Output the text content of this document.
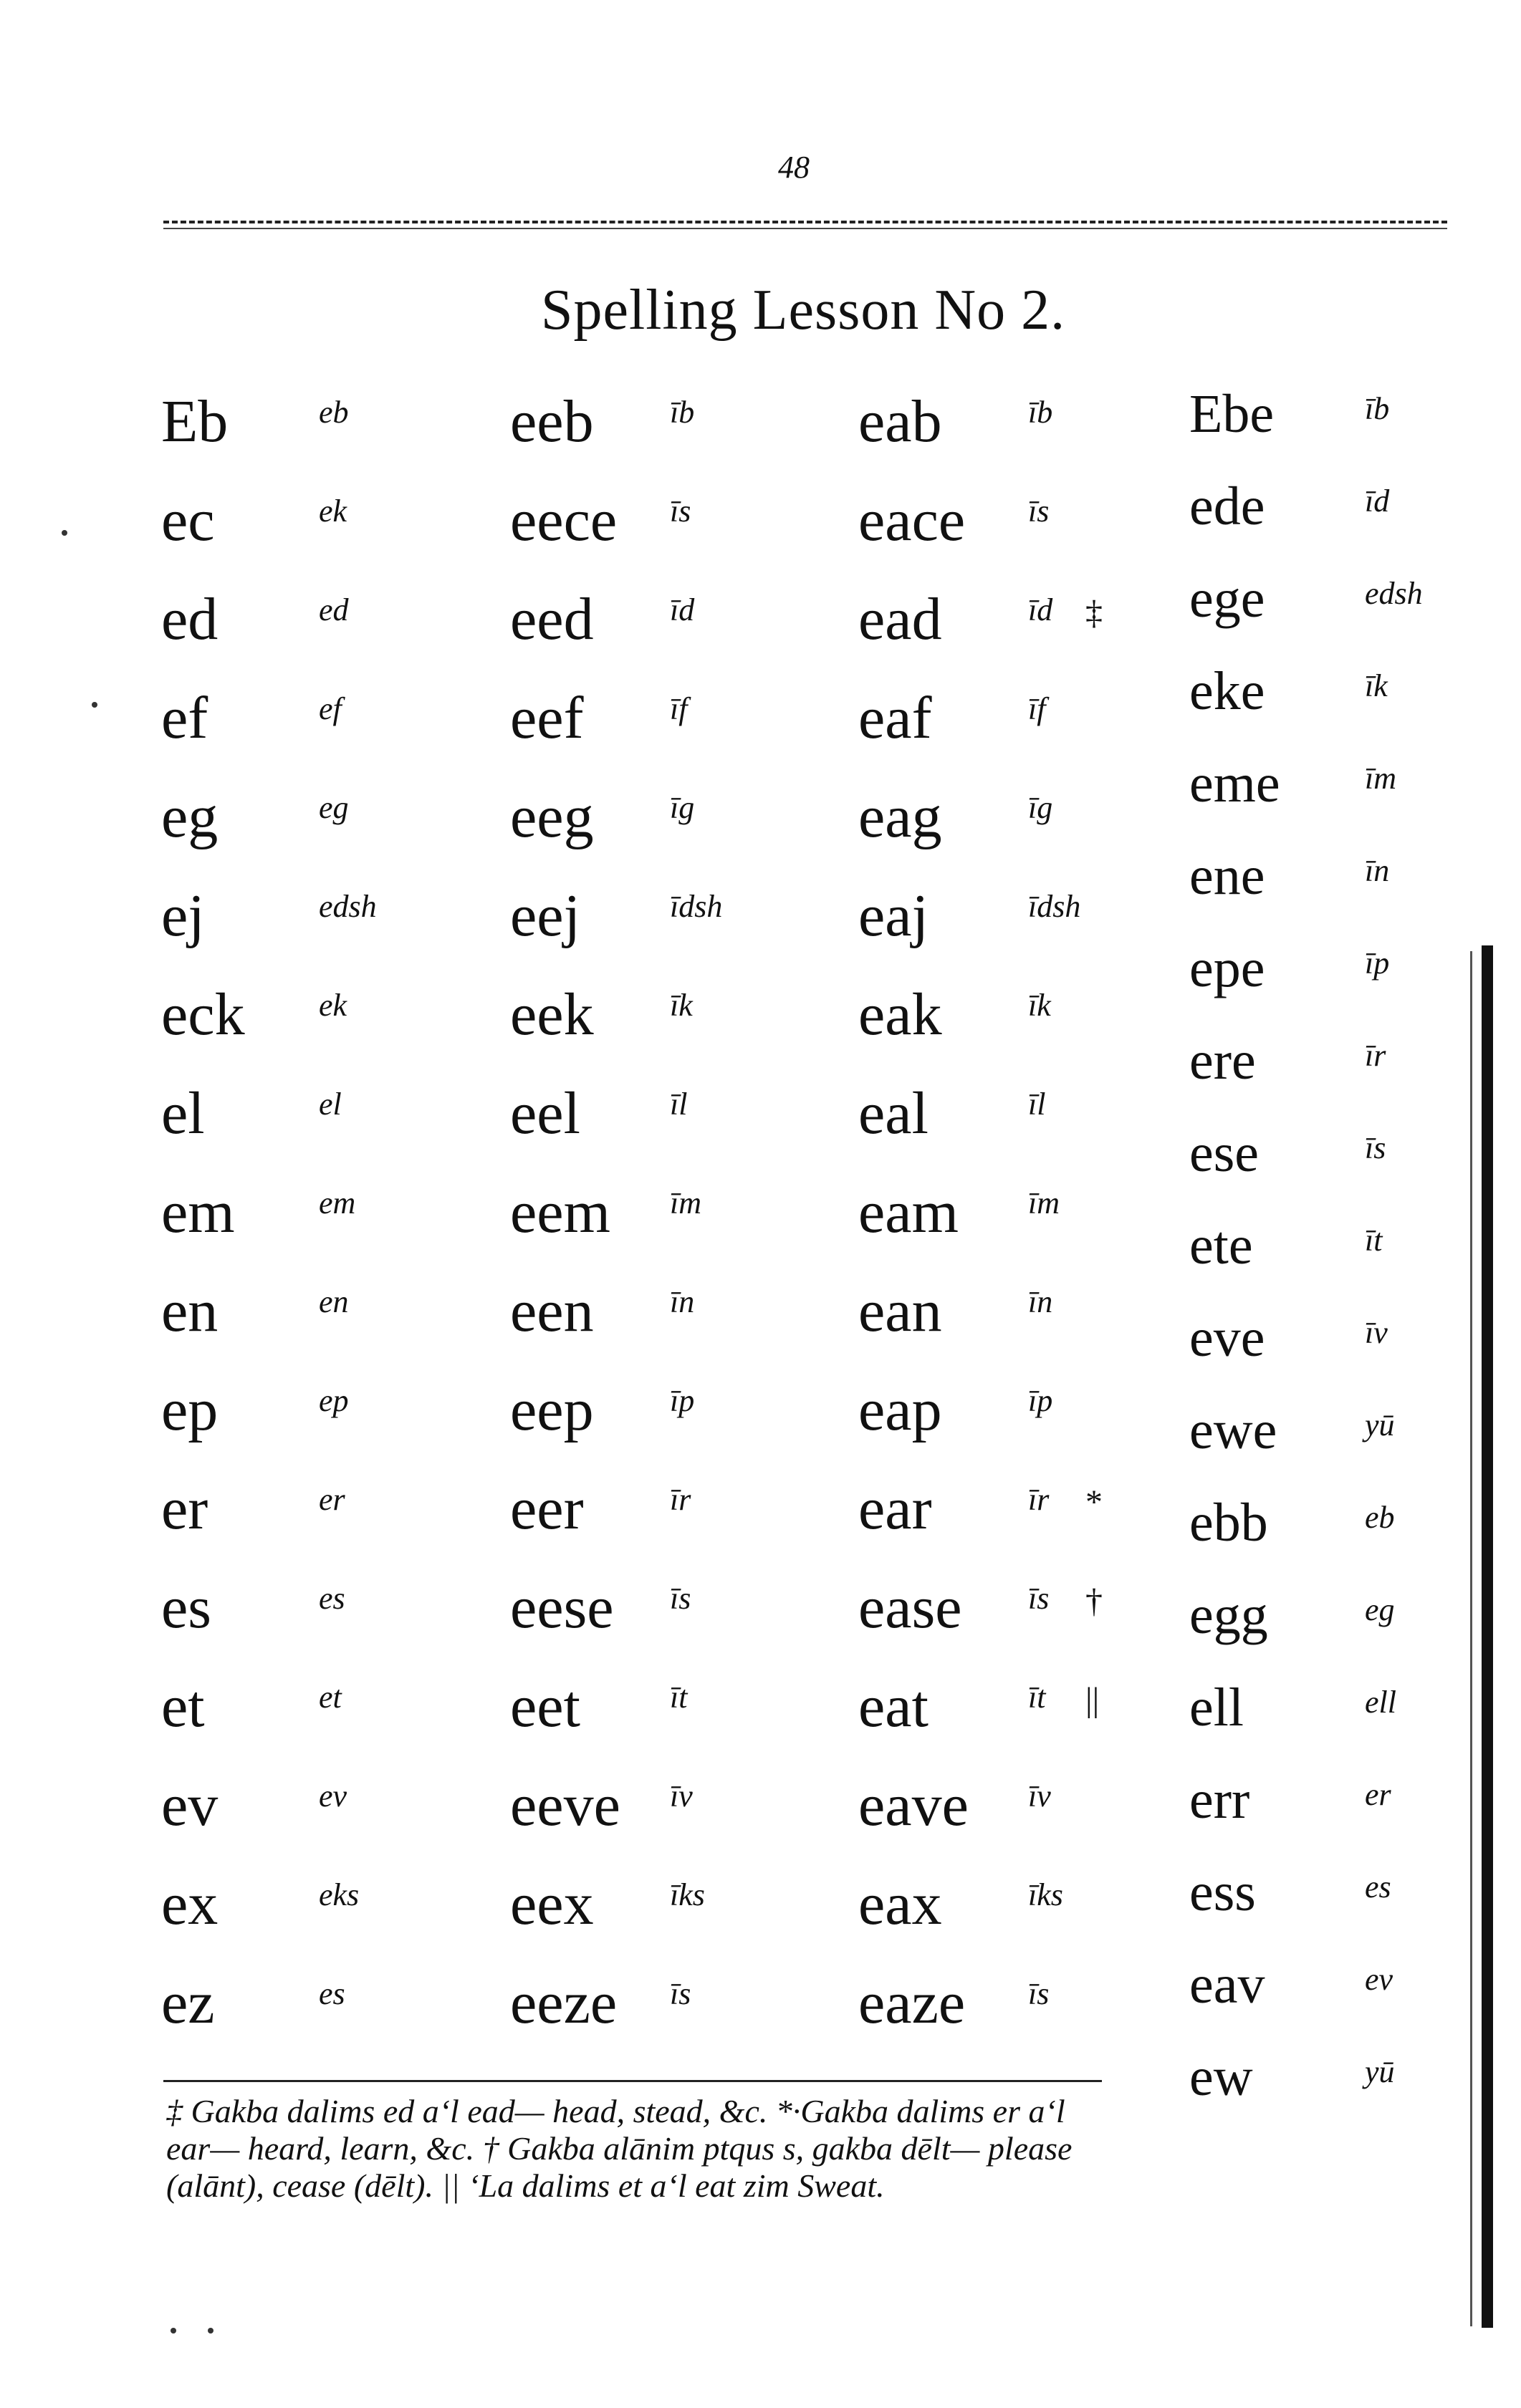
48
Spelling Lesson No 2.
Eb	eb
ec	ek
ed	ed
ef	ef
eg	eg
ej	edsh
eck ek
el	el
em	em
en	en
ep	ep
er	er
es	es
et	et
ev	ev
ex	eks
ez	es
eeb īb
eece īs
eed īd
eef	īf
eeg īg
eej	īdsh
eek īk
eel	īl
eem īm
een īn
eep īp
eer	īr
eese īs
eet	īt
eeve īv
eex īks
eeze īs
eab	īb
eace īs
ead	īd ‡
eaf	īf
eag	īg
eaj	īdsh
eak	īk
eal	īl
eam īm
ean	īn
eap	īp
ear	īr *
ease īs †
eat	īt ||
eave īv
eax	īks
eaze īs
Ebe	īb
ede	īd
ege	edsh
eke	īk
eme	īm
ene	īn
epe	īp
ere	īr
ese	īs
ete	īt
eve	īv
ewe	yū
ebb	eb
egg	eg
ell	ell
err	er
ess	es
eav	ev
ew	yū
‡ Gakba dalims ed a‘l ead— head, stead, &c. *·Gakba dalims er a‘l ear— heard, learn, &c. † Gakba alānim ptqus s, gakba dēlt— please (alānt), cease (dēlt). || ‘La dalims et a‘l eat zim Sweat.
